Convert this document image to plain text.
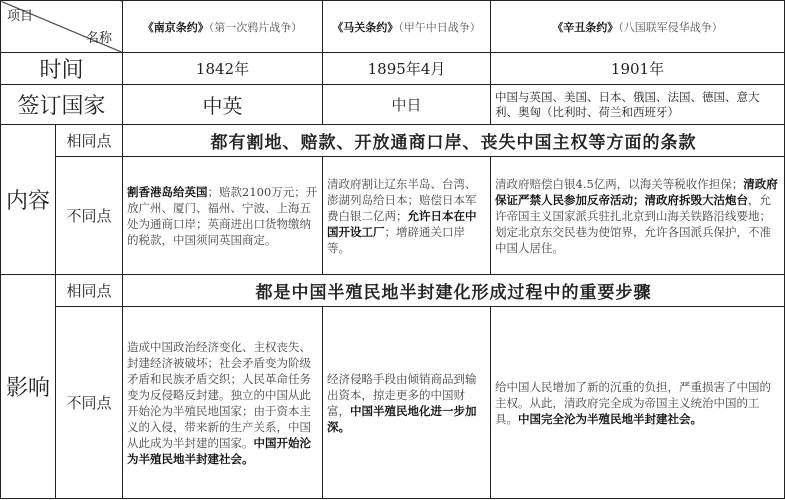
项目
名称		《南京条约》（第一次鸦片战争）	《马关条约》（甲午中日战争）	《辛丑条约》（八国联军侵华战争）
时间		1842年	1895年4月	1901年
签订国家		中英	中日	中国与英国、美国、日本、俄国、法国、德国、意大利、奥匈（比利时、荷兰和西班牙）
内容	相同点	都有割地、赔款、开放通商口岸、丧失中国主权等方面的条款		
	不同点	割香港岛给英国；赔款2100万元；开放广州、厦门、福州、宁波、上海五处为通商口岸；英商进出口货物缴纳的税款，中国须同英国商定。	清政府割让辽东半岛、台湾、澎湖列岛给日本；赔偿日本军费白银二亿两；允许日本在中国开设工厂；增辟通关口岸等。	清政府赔偿白银4.5亿两，以海关等税收作担保；清政府保证严禁人民参加反帝活动；清政府拆毁大沽炮台，允许帝国主义国家派兵驻扎北京到山海关铁路沿线要地；划定北京东交民巷为使馆界，允许各国派兵保护，不准中国人居住。
影响	相同点	都是中国半殖民地半封建化形成过程中的重要步骤		
	不同点	造成中国政治经济变化、主权丧失、封建经济被破坏；社会矛盾变为阶级矛盾和民族矛盾交织；人民革命任务变为反侵略反封建。独立的中国从此开始沦为半殖民地国家；由于资本主义的入侵，带来新的生产关系，中国从此成为半封建的国家。中国开始沦为半殖民地半封建社会。	经济侵略手段由倾销商品到输出资本，掠走更多的中国财富，中国半殖民地化进一步加深。	给中国人民增加了新的沉重的负担，严重损害了中国的主权。从此，清政府完全成为帝国主义统治中国的工具。中国完全沦为半殖民地半封建社会。
